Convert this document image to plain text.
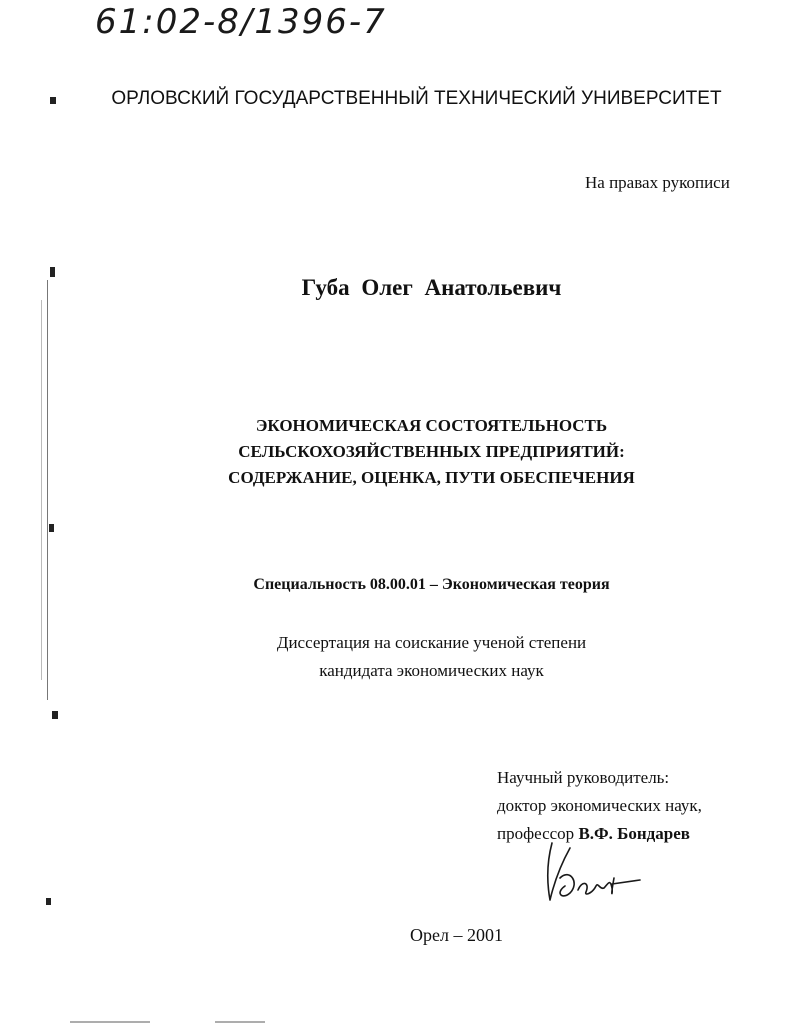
61:02-8/1396-7
ОРЛОВСКИЙ ГОСУДАРСТВЕННЫЙ ТЕХНИЧЕСКИЙ УНИВЕРСИТЕТ
На правах рукописи
Губа Олег Анатольевич
ЭКОНОМИЧЕСКАЯ СОСТОЯТЕЛЬНОСТЬ
СЕЛЬСКОХОЗЯЙСТВЕННЫХ ПРЕДПРИЯТИЙ:
СОДЕРЖАНИЕ, ОЦЕНКА, ПУТИ ОБЕСПЕЧЕНИЯ
Специальность 08.00.01 – Экономическая теория
Диссертация на соискание ученой степени
кандидата экономических наук
Научный руководитель:
доктор экономических наук,
профессор В.Ф. Бондарев
Орел – 2001
